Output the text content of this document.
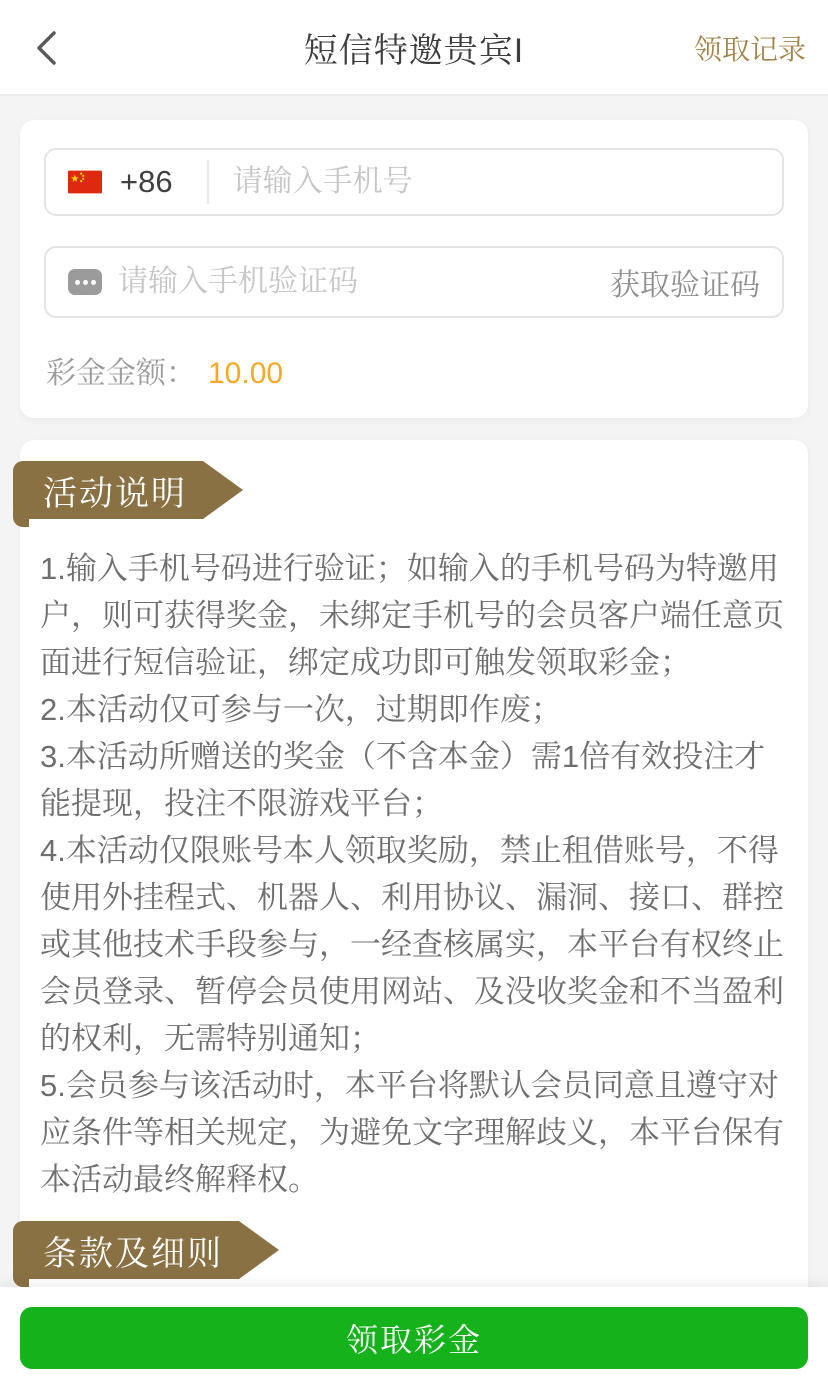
短信特邀贵宾I	领取记录
+86
请输入手机号
请输入手机验证码
获取验证码
彩金金额： 10.00
活动说明

1.输入手机号码进行验证；如输入的手机号码为特邀用户，则可获得奖金，未绑定手机号的会员客户端任意页面进行短信验证，绑定成功即可触发领取彩金；

2.本活动仅可参与一次，过期即作废；

3.本活动所赠送的奖金（不含本金）需1倍有效投注才能提现，投注不限游戏平台；

4.本活动仅限账号本人领取奖励，禁止租借账号，不得使用外挂程式、机器人、利用协议、漏洞、接口、群控或其他技术手段参与，一经查核属实，本平台有权终止会员登录、暂停会员使用网站、及没收奖金和不当盈利的权利，无需特别通知；

5.会员参与该活动时，本平台将默认会员同意且遵守对应条件等相关规定，为避免文字理解歧义，本平台保有本活动最终解释权。

条款及细则
领取彩金
